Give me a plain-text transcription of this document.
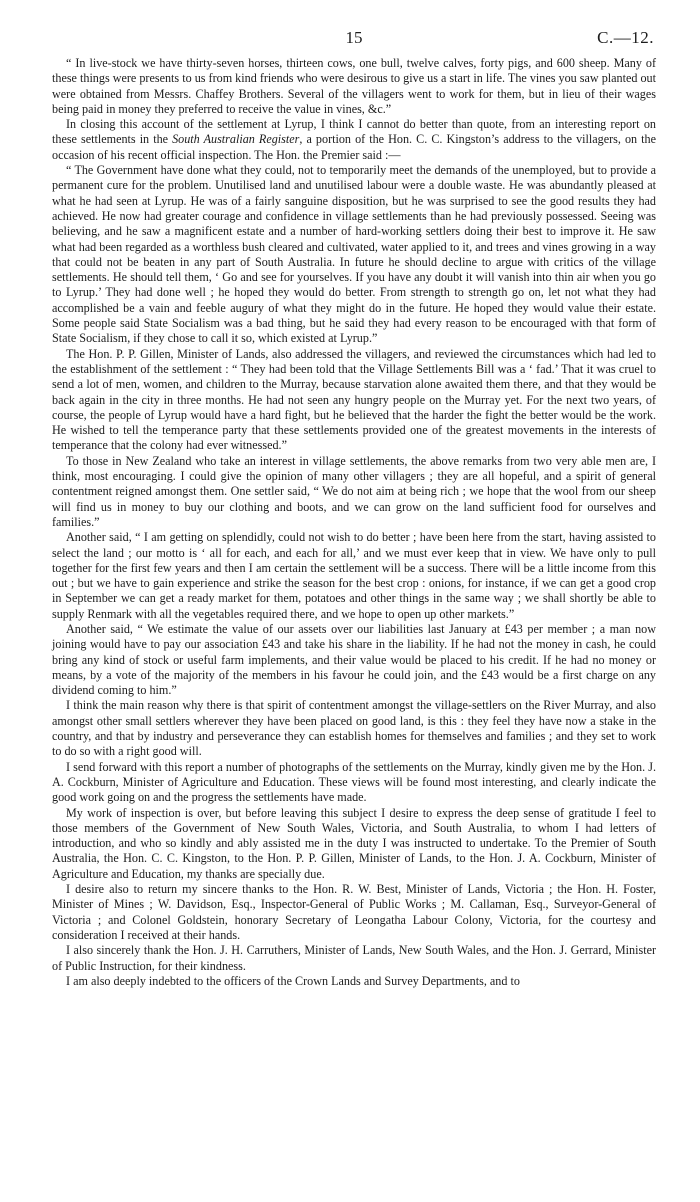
15	C.—12.

“ In live-stock we have thirty-seven horses, thirteen cows, one bull, twelve calves, forty pigs, and 600 sheep. Many of these things were presents to us from kind friends who were desirous to give us a start in life. The vines you saw planted out were obtained from Messrs. Chaffey Brothers. Several of the villagers went to work for them, but in lieu of their wages being paid in money they preferred to receive the value in vines, &c.”

In closing this account of the settlement at Lyrup, I think I cannot do better than quote, from an interesting report on these settlements in the South Australian Register, a portion of the Hon. C. C. Kingston’s address to the villagers, on the occasion of his recent official inspection. The Hon. the Premier said :—

“ The Government have done what they could, not to temporarily meet the demands of the unemployed, but to provide a permanent cure for the problem. Unutilised land and unutilised labour were a double waste. He was abundantly pleased at what he had seen at Lyrup. He was of a fairly sanguine disposition, but he was surprised to see the good results they had achieved. He now had greater courage and confidence in village settlements than he had previously possessed. Seeing was believing, and he saw a magnificent estate and a number of hard-working settlers doing their best to improve it. He saw what had been regarded as a worthless bush cleared and cultivated, water applied to it, and trees and vines growing in a way that could not be beaten in any part of South Australia. In future he should decline to argue with critics of the village settlements. He should tell them, ‘ Go and see for yourselves. If you have any doubt it will vanish into thin air when you go to Lyrup.’ They had done well ; he hoped they would do better. From strength to strength go on, let not what they had accomplished be a vain and feeble augury of what they might do in the future. He hoped they would value their estate. Some people said State Socialism was a bad thing, but he said they had every reason to be encouraged with that form of State Socialism, if they chose to call it so, which existed at Lyrup.”

The Hon. P. P. Gillen, Minister of Lands, also addressed the villagers, and reviewed the circumstances which had led to the establishment of the settlement : “ They had been told that the Village Settlements Bill was a ‘ fad.’ That it was cruel to send a lot of men, women, and children to the Murray, because starvation alone awaited them there, and that they would be back again in the city in three months. He had not seen any hungry people on the Murray yet. For the next two years, of course, the people of Lyrup would have a hard fight, but he believed that the harder the fight the better would be the work. He wished to tell the temperance party that these settlements provided one of the greatest movements in the interests of temperance that the colony had ever witnessed.”

To those in New Zealand who take an interest in village settlements, the above remarks from two very able men are, I think, most encouraging. I could give the opinion of many other villagers ; they are all hopeful, and a spirit of general contentment reigned amongst them. One settler said, “ We do not aim at being rich ; we hope that the wool from our sheep will find us in money to buy our clothing and boots, and we can grow on the land sufficient food for ourselves and families.”

Another said, “ I am getting on splendidly, could not wish to do better ; have been here from the start, having assisted to select the land ; our motto is ‘ all for each, and each for all,’ and we must ever keep that in view. We have only to pull together for the first few years and then I am certain the settlement will be a success. There will be a little income from this out ; but we have to gain experience and strike the season for the best crop : onions, for instance, if we can get a good crop in September we can get a ready market for them, potatoes and other things in the same way ; we shall shortly be able to supply Renmark with all the vegetables required there, and we hope to open up other markets.”

Another said, “ We estimate the value of our assets over our liabilities last January at £43 per member ; a man now joining would have to pay our association £43 and take his share in the liability. If he had not the money in cash, he could bring any kind of stock or useful farm implements, and their value would be placed to his credit. If he had no money or means, by a vote of the majority of the members in his favour he could join, and the £43 would be a first charge on any dividend coming to him.”

I think the main reason why there is that spirit of contentment amongst the village-settlers on the River Murray, and also amongst other small settlers wherever they have been placed on good land, is this : they feel they have now a stake in the country, and that by industry and perseverance they can establish homes for themselves and families ; and they set to work to do so with a right good will.

I send forward with this report a number of photographs of the settlements on the Murray, kindly given me by the Hon. J. A. Cockburn, Minister of Agriculture and Education. These views will be found most interesting, and clearly indicate the good work going on and the progress the settlements have made.

My work of inspection is over, but before leaving this subject I desire to express the deep sense of gratitude I feel to those members of the Government of New South Wales, Victoria, and South Australia, to whom I had letters of introduction, and who so kindly and ably assisted me in the duty I was instructed to undertake. To the Premier of South Australia, the Hon. C. C. Kingston, to the Hon. P. P. Gillen, Minister of Lands, to the Hon. J. A. Cockburn, Minister of Agriculture and Education, my thanks are specially due.

I desire also to return my sincere thanks to the Hon. R. W. Best, Minister of Lands, Victoria ; the Hon. H. Foster, Minister of Mines ; W. Davidson, Esq., Inspector-General of Public Works ; M. Callaman, Esq., Surveyor-General of Victoria ; and Colonel Goldstein, honorary Secretary of Leongatha Labour Colony, Victoria, for the courtesy and consideration I received at their hands.

I also sincerely thank the Hon. J. H. Carruthers, Minister of Lands, New South Wales, and the Hon. J. Gerrard, Minister of Public Instruction, for their kindness.

I am also deeply indebted to the officers of the Crown Lands and Survey Departments, and to
